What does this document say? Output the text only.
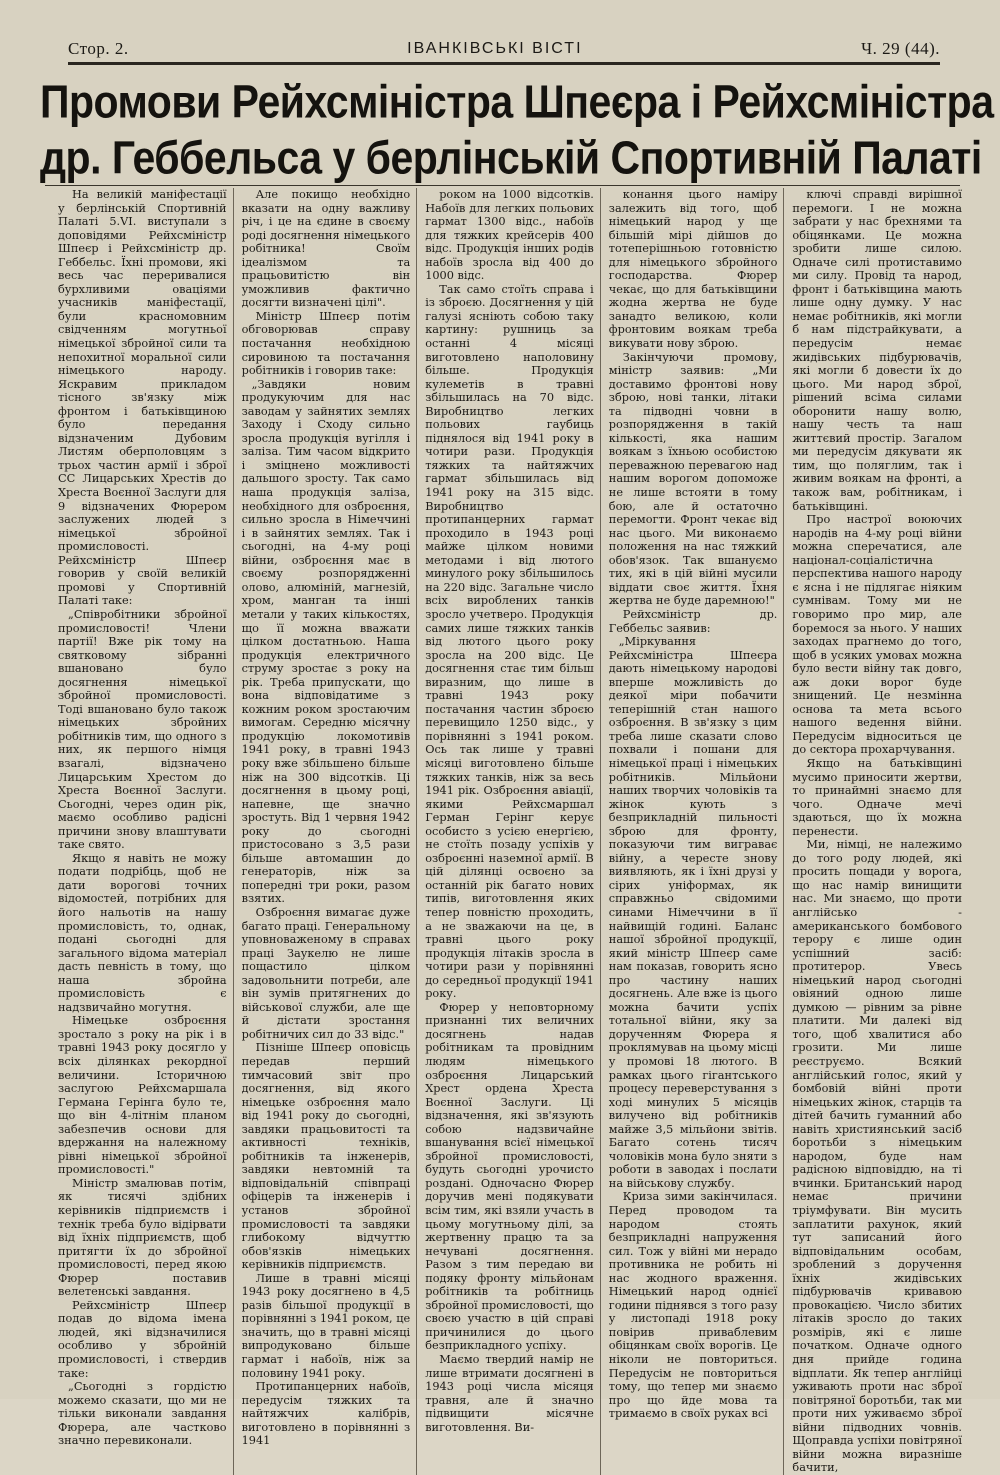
Стор. 2.	ІВАНКІВСЬКІ ВІСТІ	Ч. 29 (44).
Промови Рейхсміністра Шпеєра і Рейхсміністра
др. Геббельса у берлінській Спортивній Палаті

На великій маніфестації у берлінській Спортивній Палаті 5.VI. виступали з доповідями Рейхсміністр Шпеєр і Рейхсміністр др. Геббельс. Їхні промови, які весь час переривалися бурхливими оваціями учасників маніфестації, були красномовним свідченням могутньої німецької збройної сили та непохитної моральної сили німецького народу. Яскравим прикладом тісного зв'язку між фронтом і батьківщиною було передання відзначеним Дубовим Листям оберполовцям з трьох частин армії і зброї СС Лицарських Хрестів до Хреста Воєнної Заслуги для 9 відзначених Фюрером заслужених людей з німецької збройної промисловості. Рейхсміністр Шпеєр говорив у своїй великій промові у Спортивній Палаті таке:

„Співробітники збройної промисловості! Члени партії! Вже рік тому на святковому зібранні вшановано було досягнення німецької збройної промисловості. Тоді вшановано було також німецьких збройних робітників тим, що одного з них, як першого німця взагалі, відзначено Лицарським Хрестом до Хреста Воєнної Заслуги. Сьогодні, через один рік, маємо особливо радісні причини знову влаштувати таке свято.

Якщо я навіть не можу подати подрібць, щоб не дати ворогові точних відомостей, потрібних для його нальотів на нашу промисловість, то, однак, подані сьогодні для загального відома матеріал дасть певність в тому, що наша збройна промисловість є надзвичайно могутня.

Німецьке озброєння зростало з року на рік і в травні 1943 року досягло у всіх ділянках рекордної величини. Історичною заслугою Рейхсмаршала Германа Герінга було те, що він 4-літнім планом забезпечив основи для вдержання на належному рівні німецької збройної промисловості."

Міністр змалював потім, як тисячі здібних керівників підприємств і технік треба було відірвати від їхніх підприємств, щоб притягти їх до збройної промисловості, перед якою Фюрер поставив велетенські завдання.

Рейхсміністр Шпеєр подав до відома імена людей, які відзначилися особливо у збройній промисловості, і ствердив таке:

„Сьогодні з гордістю можемо сказати, що ми не тільки виконали завдання Фюрера, але частково значно перевиконали.

Але покищо необхідно вказати на одну важливу річ, і це на єдине в своєму роді досягнення німецького робітника! Своїм ідеалізмом та працьовитістю він уможливив фактично досягти визначені цілі".

Міністр Шпеєр потім обговорював справу постачання необхідною сировиною та постачання робітників і говорив таке:

„Завдяки новим продукуючим для нас заводам у зайнятих землях Заходу і Сходу сильно зросла продукція вугілля і заліза. Тим часом відкрито і зміцнено можливості дальшого зросту. Так само наша продукція заліза, необхідного для озброєння, сильно зросла в Німеччині і в зайнятих землях. Так і сьогодні, на 4-му році війни, озброєння має в своєму розпорядженні олово, алюміній, магнезій, хром, манган та інші метали у таких кількостях, що її можна вважати цілком достатньою. Наша продукція електричного струму зростає з року на рік. Треба припускати, що вона відповідатиме з кожним роком зростаючим вимогам. Середню місячну продукцію локомотивів 1941 року, в травні 1943 року вже збільшено більше ніж на 300 відсотків. Ці досягнення в цьому році, напевне, ще значно зростуть. Від 1 червня 1942 року до сьогодні пристосовано з 3,5 рази більше автомашин до генераторів, ніж за попередні три роки, разом взятих.

Озброєння вимагає дуже багато праці. Генеральному уповноваженому в справах праці Заукелю не лише пощастило цілком задовольнити потреби, але він зумів притягнених до військової служби, але ще й дістати зростання робітничих сил до 33 відс."

Пізніше Шпеєр оповісць передав перший тимчасовий звіт про досягнення, від якого німецьке озброєння мало від 1941 року до сьогодні, завдяки працьовитості та активності техніків, робітників та інженерів, завдяки невтомній та відповідальній співпраці офіцерів та інженерів і установ збройної промисловості та завдяки глибокому відчуттю обов'язків німецьких керівників підприємств.

Лише в травні місяці 1943 року досягнено в 4,5 разів більшої продукції в порівнянні з 1941 роком, це значить, що в травні місяці випродуковано більше гармат і набоїв, ніж за половину 1941 року.

Протипанцерних набоїв, передусім тяжких та найтяжчих калібрів, виготовлено в порівнянні з 1941

роком на 1000 відсотків. Набоїв для легких польових гармат 1300 відс., набоїв для тяжких крейсерів 400 відс. Продукція інших родів набоїв зросла від 400 до 1000 відс.

Так само стоїть справа і із зброєю. Досягнення у цій галузі ясніють собою таку картину: рушниць за останні 4 місяці виготовлено наполовину більше. Продукція кулеметів в травні збільшилась на 70 відс. Виробництво легких польових гаубиць піднялося від 1941 року в чотири рази. Продукція тяжких та найтяжчих гармат збільшилась від 1941 року на 315 відс. Виробництво протипанцерних гармат проходило в 1943 році майже цілком новими методами і від лютого минулого року збільшилось на 220 відс. Загальне число всіх вироблених танків зросло учетверо. Продукція самих лише тяжких танків від лютого цього року зросла на 200 відс. Це досягнення стає тим більш виразним, що лише в травні 1943 року постачання частин зброєю перевищило 1250 відс., у порівнянні з 1941 роком. Ось так лише у травні місяці виготовлено більше тяжких танків, ніж за весь 1941 рік. Озброєння авіації, якими Рейхсмаршал Герман Герінг керує особисто з усією енергією, не стоїть позаду успіхів у озброєнні наземної армії. В цій ділянці освоєно за останній рік багато нових типів, виготовлення яких тепер повністю проходить, а не зважаючи на це, в травні цього року продукція літаків зросла в чотири рази у порівнянні до середньої продукції 1941 року.

Фюрер у неповторному признанні тих величних досягнень надав робітникам та провідним людям німецького озброєння Лицарський Хрест ордена Хреста Воєнної Заслуги. Ці відзначення, які зв'язують собою надзвичайне вшанування всієї німецької збройної промисловості, будуть сьогодні урочисто роздані. Одночасно Фюрер доручив мені подякувати всім тим, які взяли участь в цьому могутньому ділі, за жертвенну працю та за нечувані досягнення. Разом з тим передаю ви подяку фронту мільйонам робітників та робітниць збройної промисловості, що своєю участю в цій справі причинилися до цього безприкладного успіху.

Маємо твердий намір не лише втримати досягнені в 1943 році числа місяця травня, але й значно підвищити місячне виготовлення. Ви-

конання цього наміру залежить від того, щоб німецький народ у ще більшій мірі дійшов до тотеперішньою готовністю для німецького збройного господарства. Фюрер чекає, що для батьківщини жодна жертва не буде занадто великою, коли фронтовим воякам треба викувати нову зброю.

Закінчуючи промову, міністр заявив: „Ми доставимо фронтові нову зброю, нові танки, літаки та підводні човни в розпорядження в такій кількості, яка нашим воякам з їхньою особистою переважною перевагою над нашим ворогом допоможе не лише встояти в тому бою, але й остаточно перемогти. Фронт чекає від нас цього. Ми виконаємо положення на нас тяжкий обов'язок. Так вшануємо тих, які в цій війні мусили віддати своє життя. Їхня жертва не буде даремною!"

Рейхсміністр др. Геббельс заявив:

„Міркування Рейхсміністра Шпеєра дають німецькому народові вперше можливість до деякої міри побачити теперішній стан нашого озброєння. В зв'язку з цим треба лише сказати слово похвали і пошани для німецької праці і німецьких робітників. Мільйони наших творчих чоловіків та жінок кують з безприкладній пильності зброю для фронту, показуючи тим виграває війну, а чересте знову виявляють, як і їхні друзі у сірих уніформах, як справжньо свідомими синами Німеччини в її найвищій годині. Баланс нашої збройної продукції, який міністр Шпеєр саме нам показав, говорить ясно про частину наших досягнень. Але вже із цього можна бачити успіх тотальної війни, яку за дорученням Фюрера я проклямував на цьому місці у промові 18 лютого. В рамках цього гігантського процесу переверстування з ході минулих 5 місяців вилучено від робітників майже 3,5 мільйони звітів. Багато сотень тисяч чоловіків мона було зняти з роботи в заводах і послати на військову службу.

Криза зими закінчилася. Перед проводом та народом стоять безприкладні напруження сил. Тож у війні ми нерадо противника не робить ні нас жодного враження. Німецький народ однієї години піднявся з того разу у листопаді 1918 року повірив приваблевим обіцянкам своїх ворогів. Це ніколи не повториться. Передусім не повториться тому, що тепер ми знаємо про що йде мова та тримаємо в своїх руках всі

ключі справді вирішної перемоги. І не можна забрати у нас брехнями та обіцянками. Це можна зробити лише силою. Одначе силі протиставимо ми силу. Провід та народ, фронт і батьківщина мають лише одну думку. У нас немає робітників, які могли б нам підстрайкувати, а передусім немає жидівських підбурювачів, які могли б довести їх до цього. Ми народ зброї, рішений всіма силами оборонити нашу волю, нашу честь та наш життєвий простір. Загалом ми передусім дякувати як тим, що поляглим, так і живим воякам на фронті, а також вам, робітникам, і батьківщині.

Про настрої воюючих народів на 4-му році війни можна сперечатися, але націонал-соціалістична перспектива нашого народу є ясна і не підлягає ніяким сумнівам. Тому ми не говоримо про мир, але боремося за нього. У наших заходах прагнемо до того, щоб в усяких умовах можна було вести війну так довго, аж доки ворог буде знищений. Це незмінна основа та мета всього нашого ведення війни. Передусім відноситься це до сектора прохарчування.

Якщо на батьківщині мусимо приносити жертви, то принаймні знаємо для чого. Одначе мечі здаються, що їх можна перенести.

Ми, німці, не належимо до того роду людей, які просить пощади у ворога, що нас намір винищити нас. Ми знаємо, що проти англійсько - американського бомбового терору є лише один успішний засіб: протитерор. Увесь німецький народ сьогодні овіяний одною лише думкою — рівним за рівне платити. Ми далекі від того, щоб хвалитися або грозити. Ми лише реєструємо. Всякий англійський голос, який у бомбовій війні проти німецьких жінок, старців та дітей бачить гуманний або навіть християнський засіб боротьби з німецьким народом, буде нам радісною відповіддю, на ті вчинки. Британський народ немає причини тріумфувати. Він мусить заплатити рахунок, який тут записаний його відповідальним особам, зроблений з доручення їхніх жидівських підбурювачів кривавою провокацією. Число збитих літаків зросло до таких розмірів, які є лише початком. Одначе одного дня прийде година відплати. Як тепер англійці уживають проти нас зброї повітряної боротьби, так ми проти них уживаємо зброї війни підводних човнів. Щоправда успіхи повітряної війни можна виразніше бачити,
